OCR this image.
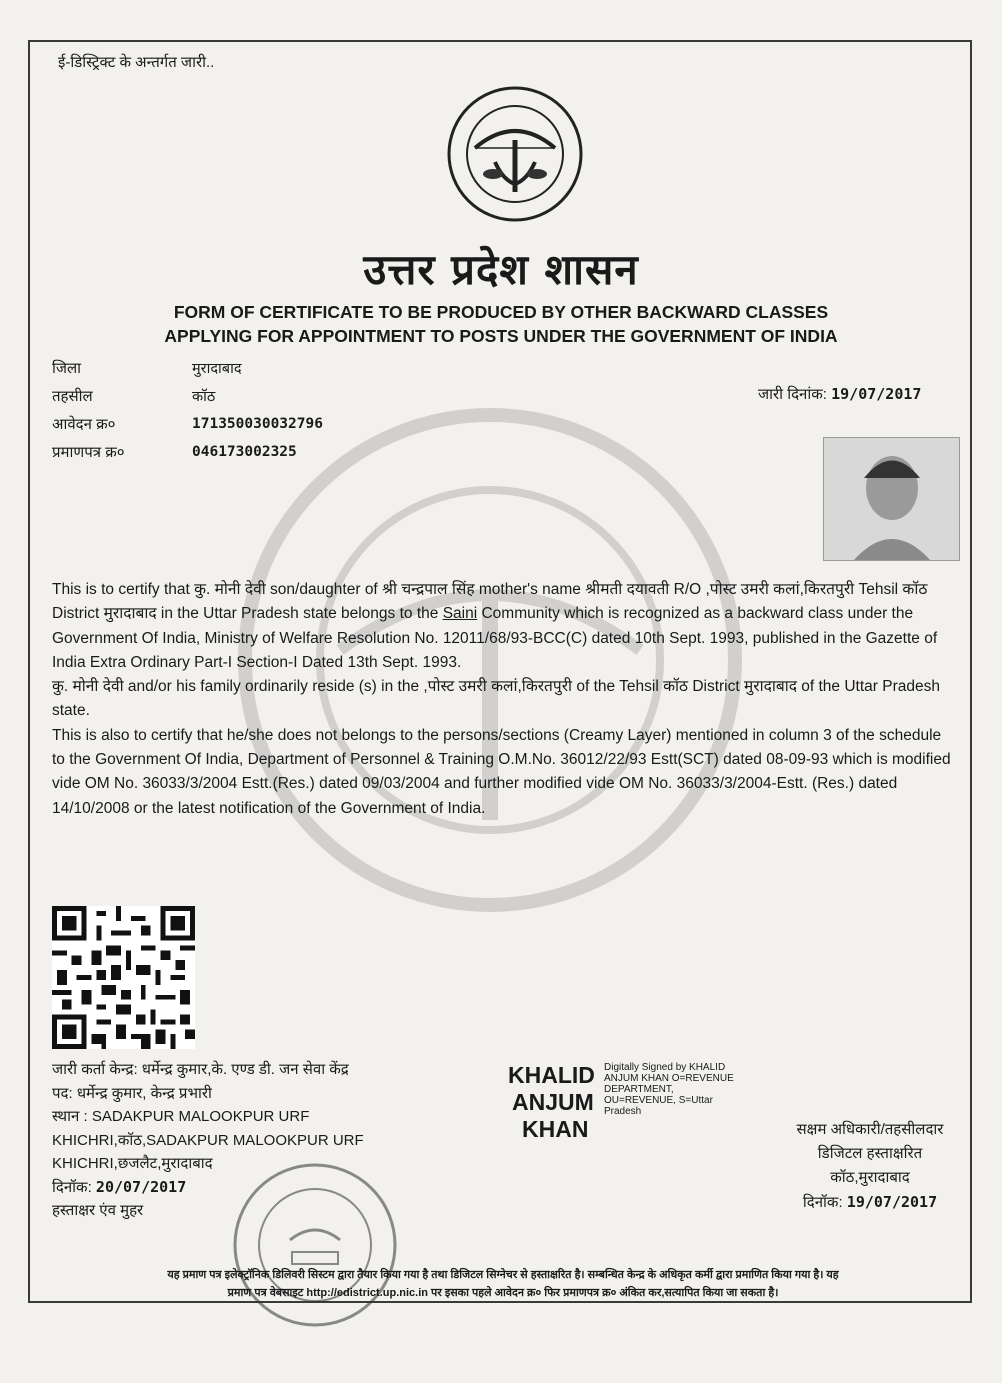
ई-डिस्ट्रिक्ट के अन्तर्गत जारी..
उत्तर प्रदेश शासन
FORM OF CERTIFICATE TO BE PRODUCED BY OTHER BACKWARD CLASSES
APPLYING FOR APPOINTMENT TO POSTS UNDER THE GOVERNMENT OF INDIA
जिला	मुरादाबाद
तहसील	कॉठ
आवेदन क्र०	171350030032796
प्रमाणपत्र क्र०	046173002325
जारी दिनांक: 19/07/2017

This is to certify that कु. मोनी देवी son/daughter of श्री चन्द्रपाल सिंह mother's name श्रीमती दयावती R/O ,पोस्ट उमरी कलां,किरतपुरी Tehsil कॉठ District मुरादाबाद in the Uttar Pradesh state belongs to the Saini Community which is recognized as a backward class under the Government Of India, Ministry of Welfare Resolution No. 12011/68/93-BCC(C) dated 10th Sept. 1993, published in the Gazette of India Extra Ordinary Part-I Section-I Dated 13th Sept. 1993.

कु. मोनी देवी and/or his family ordinarily reside (s) in the ,पोस्ट उमरी कलां,किरतपुरी of the Tehsil कॉठ District मुरादाबाद of the Uttar Pradesh state.

This is also to certify that he/she does not belongs to the persons/sections (Creamy Layer) mentioned in column 3 of the schedule to the Government Of India, Department of Personnel & Training O.M.No. 36012/22/93 Estt(SCT) dated 08-09-93 which is modified vide OM No. 36033/3/2004 Estt.(Res.) dated 09/03/2004 and further modified vide OM No. 36033/3/2004-Estt. (Res.) dated 14/10/2008 or the latest notification of the Government of India.

जारी कर्ता केन्द्र: धर्मेन्द्र कुमार,के. एण्ड डी. जन सेवा केंद्र
पद: धर्मेन्द्र कुमार, केन्द्र प्रभारी
स्थान : SADAKPUR MALOOKPUR URF
KHICHRI,कॉठ,SADAKPUR MALOOKPUR URF
KHICHRI,छजलैट,मुरादाबाद
दिनॉक: 20/07/2017
हस्ताक्षर एंव मुहर
KHALID
ANJUM
KHAN
Digitally Signed by KHALID
ANJUM KHAN O=REVENUE
DEPARTMENT,
OU=REVENUE, S=Uttar
Pradesh
सक्षम अधिकारी/तहसीलदार
डिजिटल हस्ताक्षरित
कॉठ,मुरादाबाद
दिनॉक: 19/07/2017
यह प्रमाण पत्र इलेक्ट्रॉनिक डिलिवरी सिस्टम द्वारा तैयार किया गया है तथा डिजिटल सिग्नेचर से हस्ताक्षरित है। सम्बन्धित केन्द्र के अधिकृत कर्मी द्वारा प्रमाणित किया गया है। यह
प्रमाण पत्र वेबसाइट http://edistrict.up.nic.in पर इसका पहले आवेदन क्र० फिर प्रमाणपत्र क्र० अंकित कर,सत्यापित किया जा सकता है।
